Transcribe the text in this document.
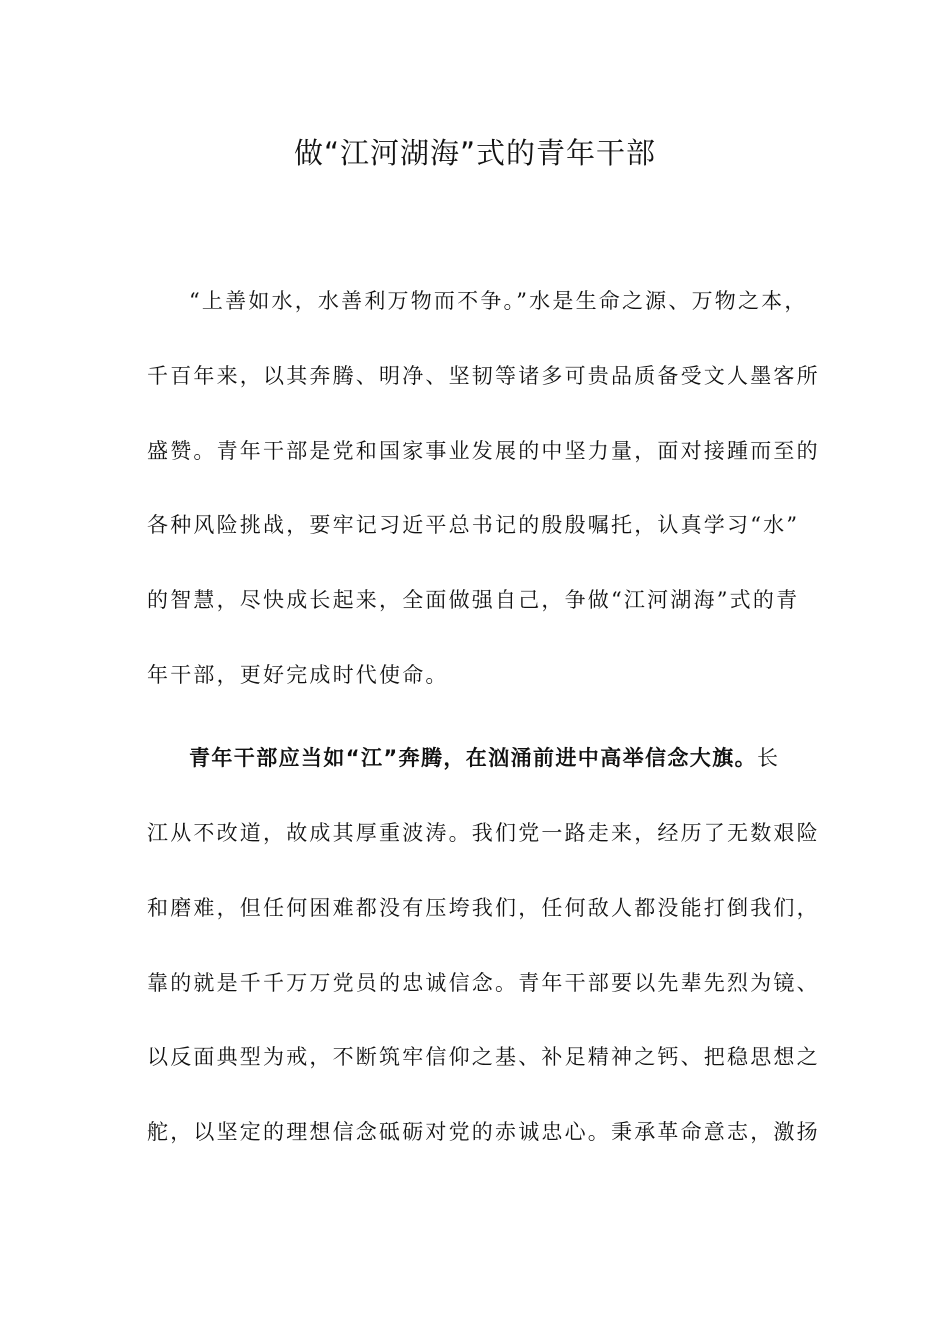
做“江河湖海”式的青年干部
“上善如水，水善利万物而不争。”水是生命之源、万物之本，
千百年来，以其奔腾、明净、坚韧等诸多可贵品质备受文人墨客所
盛赞。青年干部是党和国家事业发展的中坚力量，面对接踵而至的
各种风险挑战，要牢记习近平总书记的殷殷嘱托，认真学习“水”
的智慧，尽快成长起来，全面做强自己，争做“江河湖海”式的青
年干部，更好完成时代使命。
青年干部应当如“江”奔腾，在汹涌前进中高举信念大旗。长
江从不改道，故成其厚重波涛。我们党一路走来，经历了无数艰险
和磨难，但任何困难都没有压垮我们，任何敌人都没能打倒我们，
靠的就是千千万万党员的忠诚信念。青年干部要以先辈先烈为镜、
以反面典型为戒，不断筑牢信仰之基、补足精神之钙、把稳思想之
舵，以坚定的理想信念砥砺对党的赤诚忠心。秉承革命意志，激扬
